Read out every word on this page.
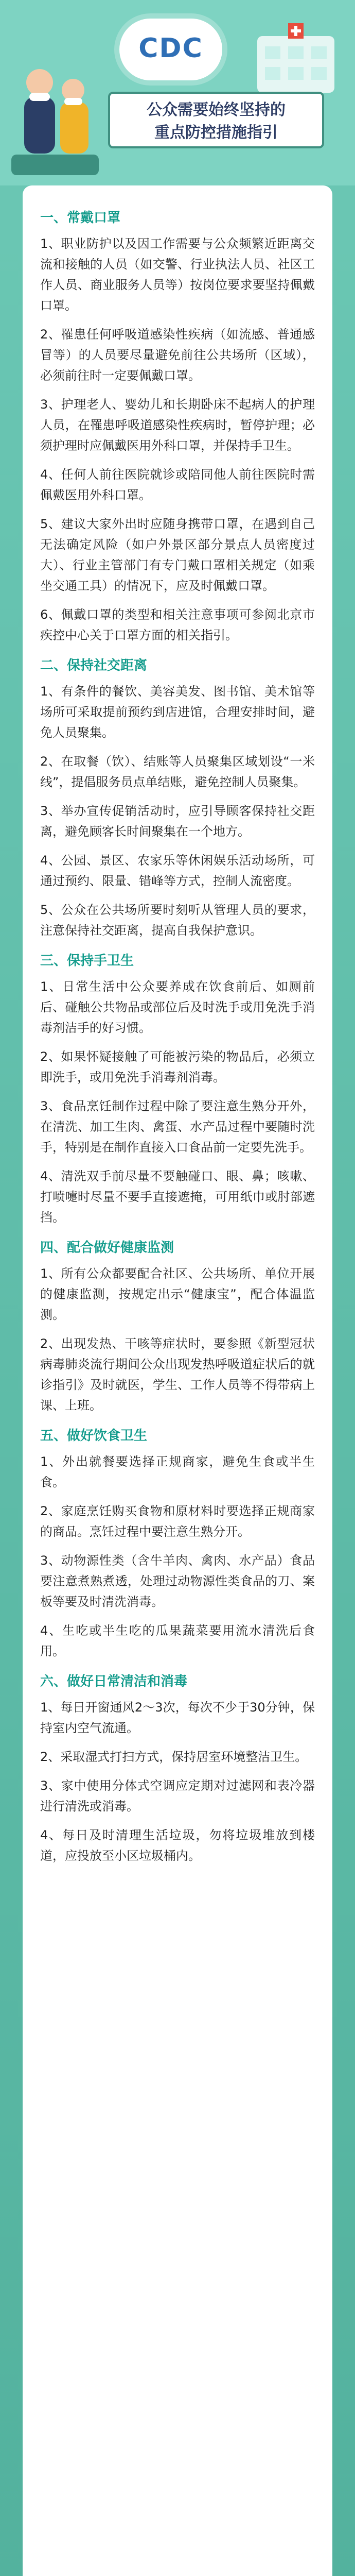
CDC
公众需要始终坚持的
重点防控措施指引
一、常戴口罩

1、职业防护以及因工作需要与公众频繁近距离交流和接触的人员（如交警、行业执法人员、社区工作人员、商业服务人员等）按岗位要求要坚持佩戴口罩。

2、罹患任何呼吸道感染性疾病（如流感、普通感冒等）的人员要尽量避免前往公共场所（区域），必须前往时一定要佩戴口罩。

3、护理老人、婴幼儿和长期卧床不起病人的护理人员，在罹患呼吸道感染性疾病时，暂停护理；必须护理时应佩戴医用外科口罩，并保持手卫生。

4、任何人前往医院就诊或陪同他人前往医院时需佩戴医用外科口罩。

5、建议大家外出时应随身携带口罩，在遇到自己无法确定风险（如户外景区部分景点人员密度过大）、行业主管部门有专门戴口罩相关规定（如乘坐交通工具）的情况下，应及时佩戴口罩。

6、佩戴口罩的类型和相关注意事项可参阅北京市疾控中心关于口罩方面的相关指引。

二、保持社交距离

1、有条件的餐饮、美容美发、图书馆、美术馆等场所可采取提前预约到店进馆，合理安排时间，避免人员聚集。

2、在取餐（饮）、结账等人员聚集区域划设“一米线”，提倡服务员点单结账，避免控制人员聚集。

3、举办宣传促销活动时，应引导顾客保持社交距离，避免顾客长时间聚集在一个地方。

4、公园、景区、农家乐等休闲娱乐活动场所，可通过预约、限量、错峰等方式，控制人流密度。

5、公众在公共场所要时刻听从管理人员的要求，注意保持社交距离，提高自我保护意识。

三、保持手卫生

1、日常生活中公众要养成在饮食前后、如厕前后、碰触公共物品或部位后及时洗手或用免洗手消毒剂洁手的好习惯。

2、如果怀疑接触了可能被污染的物品后，必须立即洗手，或用免洗手消毒剂消毒。

3、食品烹饪制作过程中除了要注意生熟分开外，在清洗、加工生肉、禽蛋、水产品过程中要随时洗手，特别是在制作直接入口食品前一定要先洗手。

4、清洗双手前尽量不要触碰口、眼、鼻；咳嗽、打喷嚏时尽量不要手直接遮掩，可用纸巾或肘部遮挡。

四、配合做好健康监测

1、所有公众都要配合社区、公共场所、单位开展的健康监测，按规定出示“健康宝”，配合体温监测。

2、出现发热、干咳等症状时，要参照《新型冠状病毒肺炎流行期间公众出现发热呼吸道症状后的就诊指引》及时就医，学生、工作人员等不得带病上课、上班。

五、做好饮食卫生

1、外出就餐要选择正规商家，避免生食或半生食。

2、家庭烹饪购买食物和原材料时要选择正规商家的商品。烹饪过程中要注意生熟分开。

3、动物源性类（含牛羊肉、禽肉、水产品）食品要注意煮熟煮透，处理过动物源性类食品的刀、案板等要及时清洗消毒。

4、生吃或半生吃的瓜果蔬菜要用流水清洗后食用。

六、做好日常清洁和消毒

1、每日开窗通风2～3次，每次不少于30分钟，保持室内空气流通。

2、采取湿式打扫方式，保持居室环境整洁卫生。

3、家中使用分体式空调应定期对过滤网和表冷器进行清洗或消毒。

4、每日及时清理生活垃圾，勿将垃圾堆放到楼道，应投放至小区垃圾桶内。
